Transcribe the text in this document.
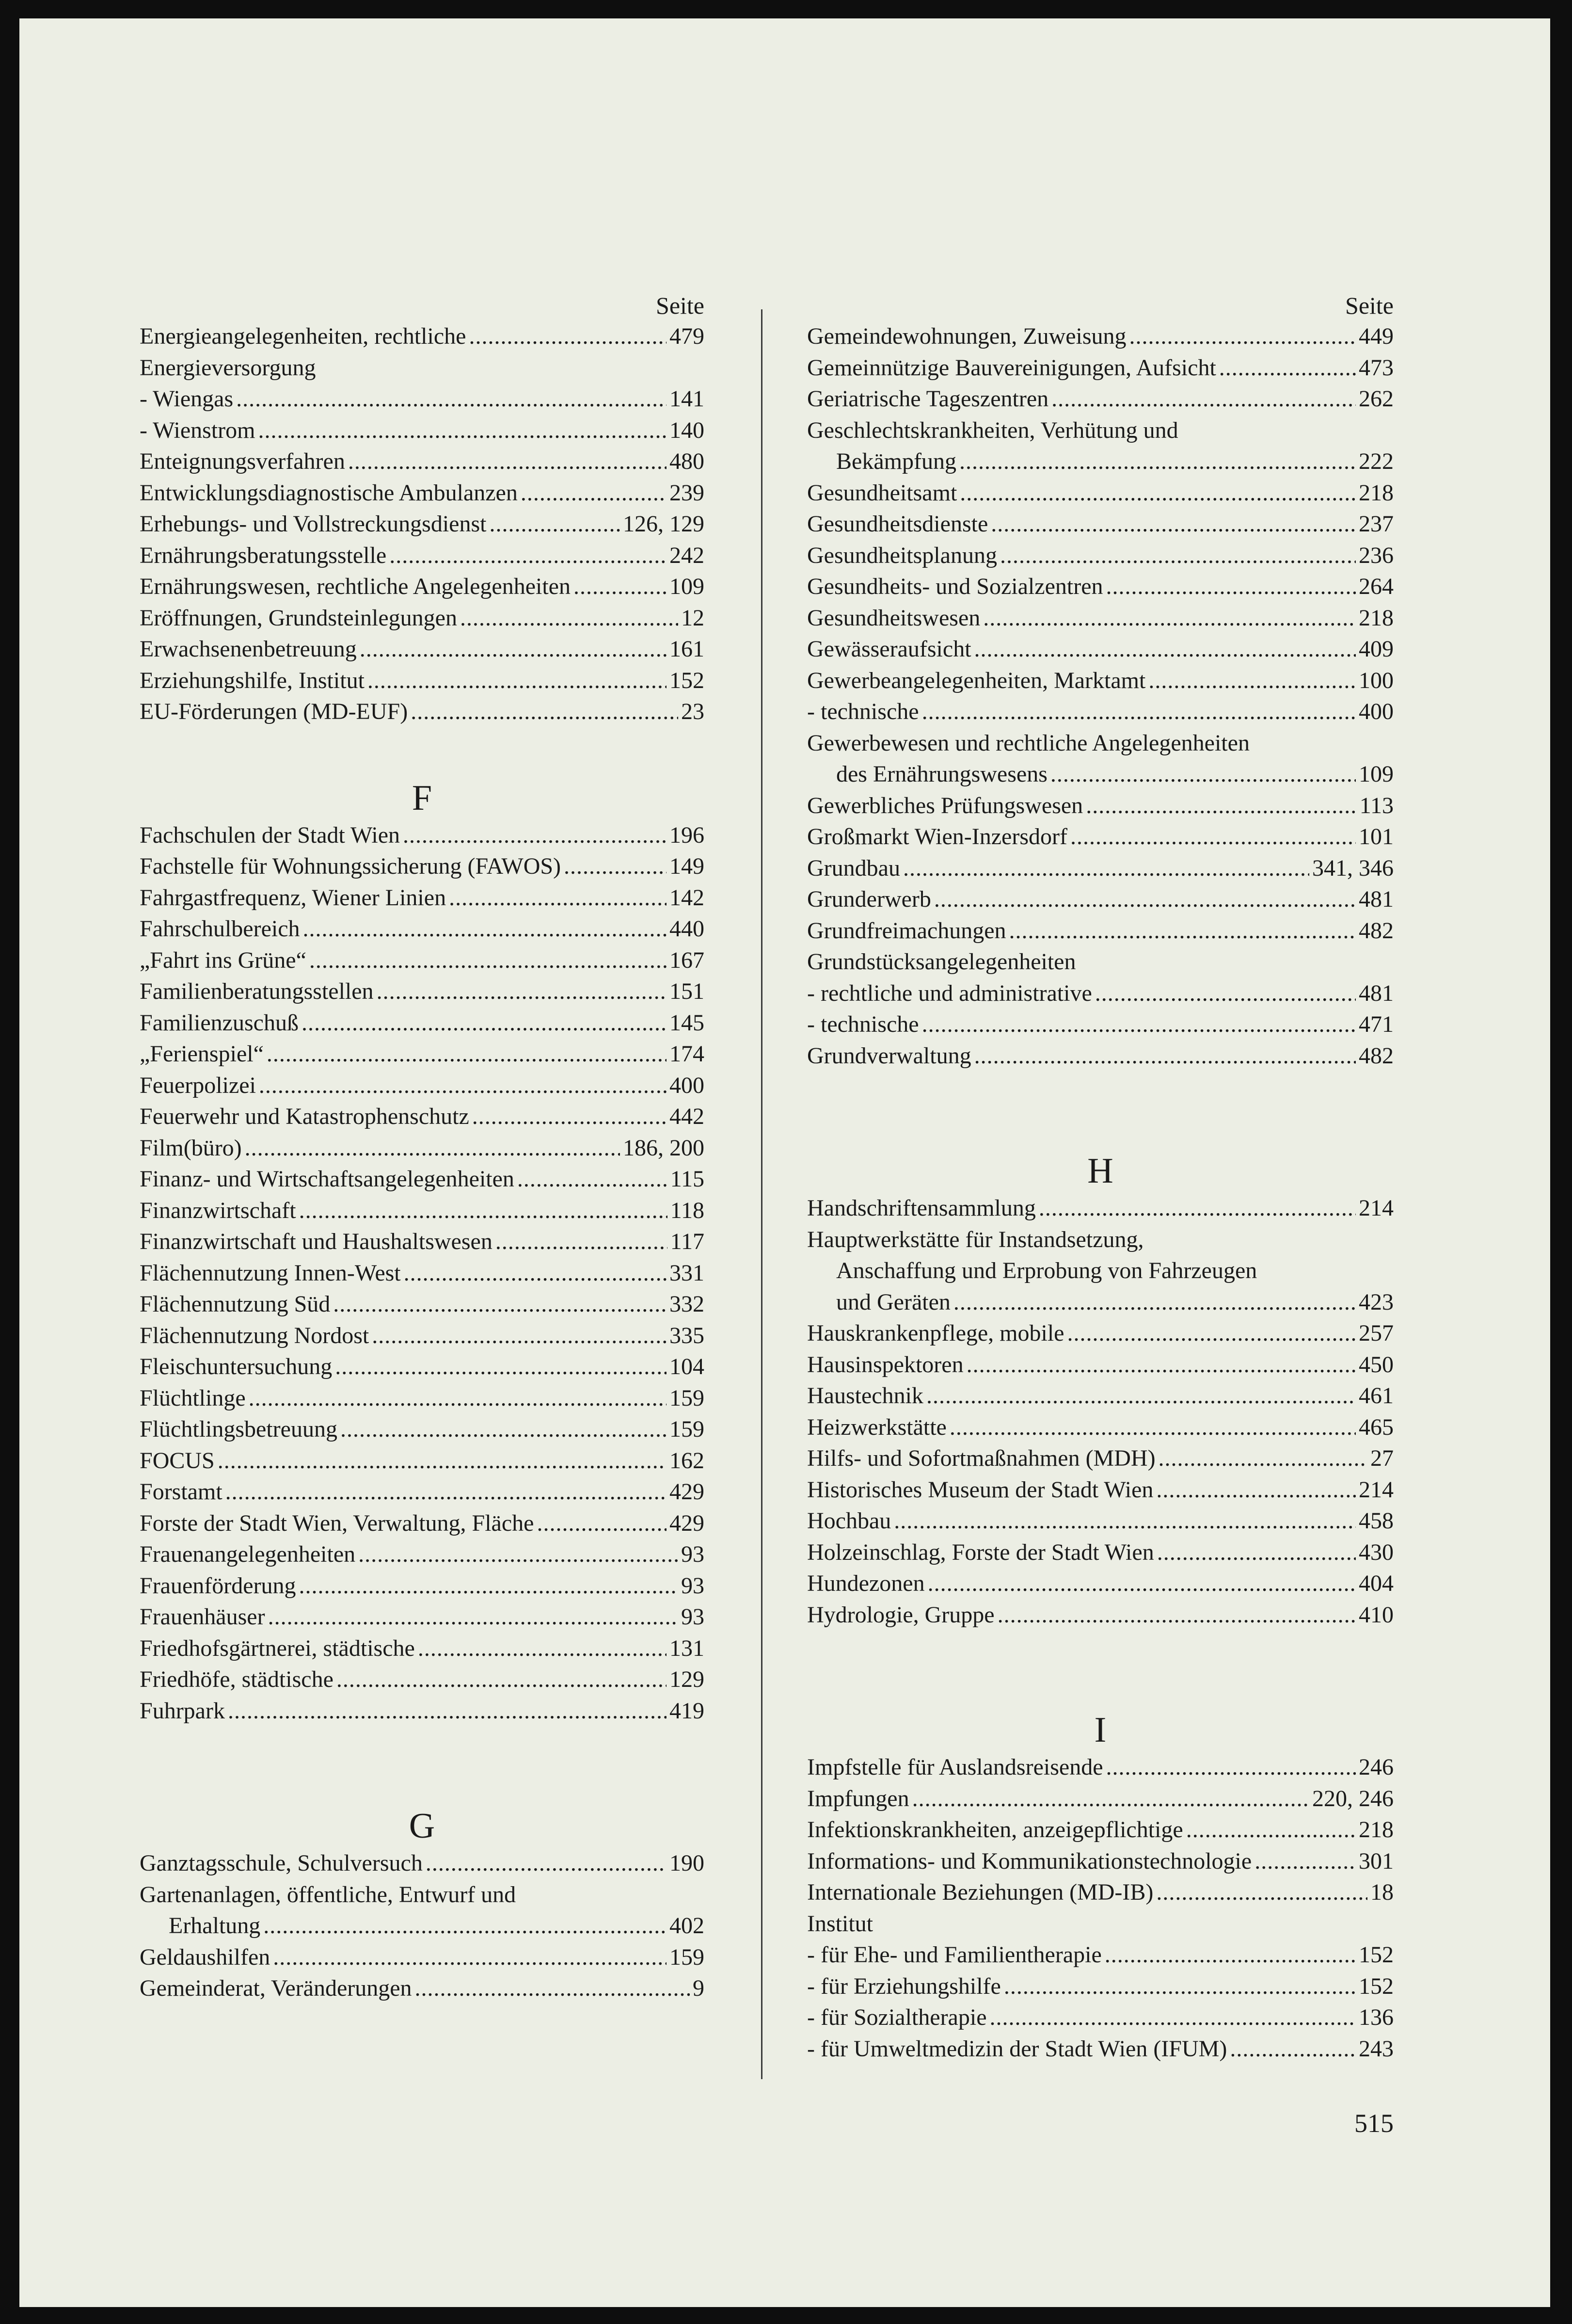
Seite
Energieangelegenheiten, rechtliche .....	479
Energieversorgung
- Wiengas .....	141
- Wienstrom .....	140
Enteignungsverfahren .....	480
Entwicklungsdiagnostische Ambulanzen .....	239
Erhebungs- und Vollstreckungsdienst .....	126, 129
Ernährungsberatungsstelle .....	242
Ernährungswesen, rechtliche Angelegenheiten .....	109
Eröffnungen, Grundsteinlegungen .....	12
Erwachsenenbetreuung .....	161
Erziehungshilfe, Institut .....	152
EU-Förderungen (MD-EUF) .....	23
F
Fachschulen der Stadt Wien .....	196
Fachstelle für Wohnungssicherung (FAWOS) .....	149
Fahrgastfrequenz, Wiener Linien .....	142
Fahrschulbereich .....	440
„Fahrt ins Grüne“ .....	167
Familienberatungsstellen .....	151
Familienzuschuß .....	145
„Ferienspiel“ .....	174
Feuerpolizei .....	400
Feuerwehr und Katastrophenschutz .....	442
Film(büro) .....	186, 200
Finanz- und Wirtschaftsangelegenheiten .....	115
Finanzwirtschaft .....	118
Finanzwirtschaft und Haushaltswesen .....	117
Flächennutzung Innen-West .....	331
Flächennutzung Süd .....	332
Flächennutzung Nordost .....	335
Fleischuntersuchung .....	104
Flüchtlinge .....	159
Flüchtlingsbetreuung .....	159
FOCUS .....	162
Forstamt .....	429
Forste der Stadt Wien, Verwaltung, Fläche .....	429
Frauenangelegenheiten .....	93
Frauenförderung .....	93
Frauenhäuser .....	93
Friedhofsgärtnerei, städtische .....	131
Friedhöfe, städtische .....	129
Fuhrpark .....	419
G
Ganztagsschule, Schulversuch .....	190
Gartenanlagen, öffentliche, Entwurf und
Erhaltung .....	402
Geldaushilfen .....	159
Gemeinderat, Veränderungen .....	9
Seite
Gemeindewohnungen, Zuweisung .....	449
Gemeinnützige Bauvereinigungen, Aufsicht .....	473
Geriatrische Tageszentren .....	262
Geschlechtskrankheiten, Verhütung und
Bekämpfung .....	222
Gesundheitsamt .....	218
Gesundheitsdienste .....	237
Gesundheitsplanung .....	236
Gesundheits- und Sozialzentren .....	264
Gesundheitswesen .....	218
Gewässeraufsicht .....	409
Gewerbeangelegenheiten, Marktamt .....	100
- technische .....	400
Gewerbewesen und rechtliche Angelegenheiten
des Ernährungswesens .....	109
Gewerbliches Prüfungswesen .....	113
Großmarkt Wien-Inzersdorf .....	101
Grundbau .....	341, 346
Grunderwerb .....	481
Grundfreimachungen .....	482
Grundstücksangelegenheiten
- rechtliche und administrative .....	481
- technische .....	471
Grundverwaltung .....	482
H
Handschriftensammlung .....	214
Hauptwerkstätte für Instandsetzung,
Anschaffung und Erprobung von Fahrzeugen
und Geräten .....	423
Hauskrankenpflege, mobile .....	257
Hausinspektoren .....	450
Haustechnik .....	461
Heizwerkstätte .....	465
Hilfs- und Sofortmaßnahmen (MDH) .....	27
Historisches Museum der Stadt Wien .....	214
Hochbau .....	458
Holzeinschlag, Forste der Stadt Wien .....	430
Hundezonen .....	404
Hydrologie, Gruppe .....	410
I
Impfstelle für Auslandsreisende .....	246
Impfungen .....	220, 246
Infektionskrankheiten, anzeigepflichtige .....	218
Informations- und Kommunikationstechnologie .....	301
Internationale Beziehungen (MD-IB) .....	18
Institut
- für Ehe- und Familientherapie .....	152
- für Erziehungshilfe .....	152
- für Sozialtherapie .....	136
- für Umweltmedizin der Stadt Wien (IFUM) .....	243
515
